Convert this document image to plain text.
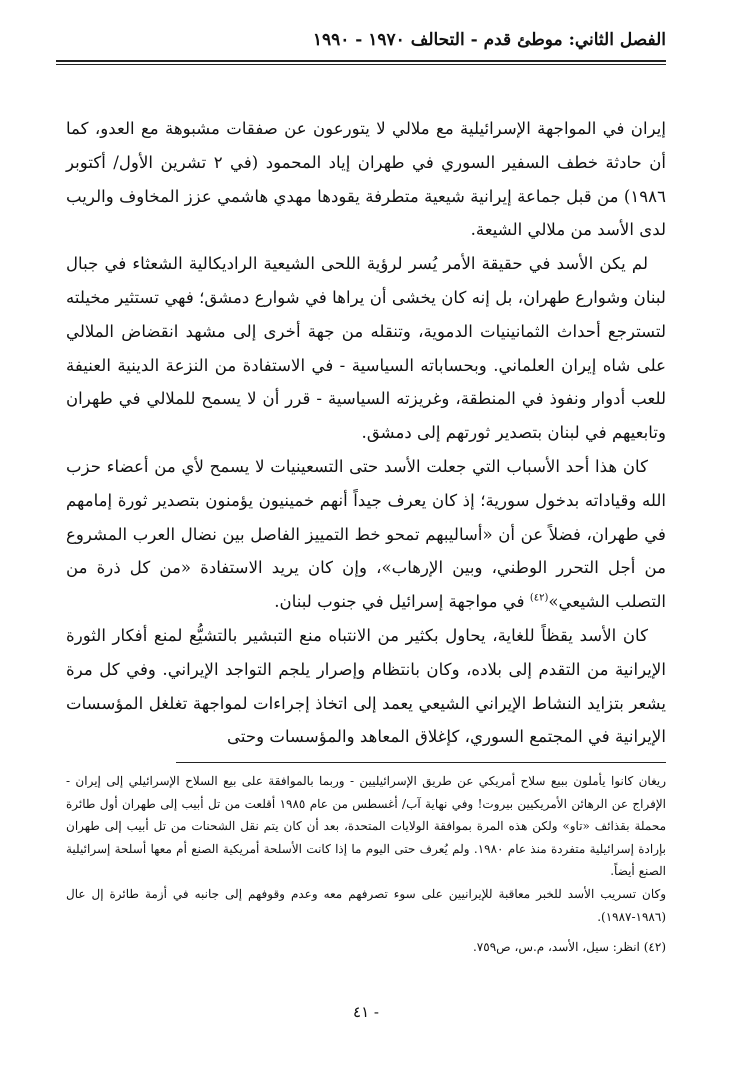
الفصل الثاني: موطئ قدم - التحالف ١٩٧٠ - ١٩٩٠

إيران في المواجهة الإسرائيلية مع ملالي لا يتورعون عن صفقات مشبوهة مع العدو، كما أن حادثة خطف السفير السوري في طهران إياد المحمود (في ٢ تشرين الأول/ أكتوبر ١٩٨٦) من قبل جماعة إيرانية شيعية متطرفة يقودها مهدي هاشمي عزز المخاوف والريب لدى الأسد من ملالي الشيعة.

لم يكن الأسد في حقيقة الأمر يُسر لرؤية اللحى الشيعية الراديكالية الشعثاء في جبال لبنان وشوارع طهران، بل إنه كان يخشى أن يراها في شوارع دمشق؛ فهي تستثير مخيلته لتسترجع أحداث الثمانينيات الدموية، وتنقله من جهة أخرى إلى مشهد انقضاض الملالي على شاه إيران العلماني. وبحساباته السياسية - في الاستفادة من النزعة الدينية العنيفة للعب أدوار ونفوذ في المنطقة، وغريزته السياسية - قرر أن لا يسمح للملالي في طهران وتابعيهم في لبنان بتصدير ثورتهم إلى دمشق.

كان هذا أحد الأسباب التي جعلت الأسد حتى التسعينيات لا يسمح لأي من أعضاء حزب الله وقياداته بدخول سورية؛ إذ كان يعرف جيداً أنهم خمينيون يؤمنون بتصدير ثورة إمامهم في طهران، فضلاً عن أن «أساليبهم تمحو خط التمييز الفاصل بين نضال العرب المشروع من أجل التحرر الوطني، وبين الإرهاب»، وإن كان يريد الاستفادة «من كل ذرة من التصلب الشيعي»$^{(٤٢)}$ في مواجهة إسرائيل في جنوب لبنان.

كان الأسد يقظاً للغاية، يحاول بكثير من الانتباه منع التبشير بالتشيُّع لمنع أفكار الثورة الإيرانية من التقدم إلى بلاده، وكان بانتظام وإصرار يلجم التواجد الإيراني. وفي كل مرة يشعر بتزايد النشاط الإيراني الشيعي يعمد إلى اتخاذ إجراءات لمواجهة تغلغل المؤسسات الإيرانية في المجتمع السوري، كإغلاق المعاهد والمؤسسات وحتى

ريغان كانوا يأملون ببيع سلاح أمريكي عن طريق الإسرائيليين - وربما بالموافقة على بيع السلاح الإسرائيلي إلى إيران - الإفراج عن الرهائن الأمريكيين بيروت! وفي نهاية آب/ أغسطس من عام ١٩٨٥ أقلعت من تل أبيب إلى طهران أول طائرة محملة بقذائف «تاو» ولكن هذه المرة بموافقة الولايات المتحدة، بعد أن كان يتم نقل الشحنات من تل أبيب إلى طهران بإرادة إسرائيلية متفردة منذ عام ١٩٨٠. ولم يُعرف حتى اليوم ما إذا كانت الأسلحة أمريكية الصنع أم معها أسلحة إسرائيلية الصنع أيضاً.

وكان تسريب الأسد للخبر معاقبة للإيرانيين على سوء تصرفهم معه وعدم وقوفهم إلى جانبه في أزمة طائرة إل عال (١٩٨٦-١٩٨٧).

(٤٢) انظر: سيل، الأسد، م.س، ص٧٥٩.

- ٤١
